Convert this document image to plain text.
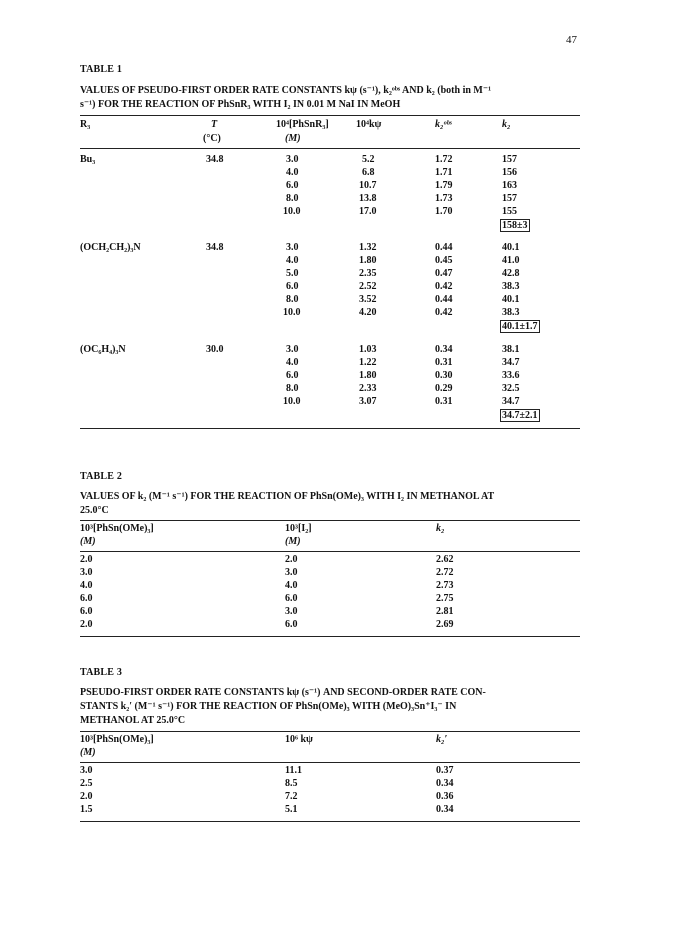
47
TABLE 1
VALUES OF PSEUDO-FIRST ORDER RATE CONSTANTS kψ (s⁻¹), k₂ᵒᵇˢ AND k₂ (both in M⁻¹
s⁻¹) FOR THE REACTION OF PhSnR₃ WITH I₂ IN 0.01 M NaI IN MeOH
R₃	T
(°C)
10⁴[PhSnR₃]
(M)
10⁴kψ	k₂ᵒᵇˢ	k₂
Bu₃	34.8	3.0	5.2	1.72	157
4.0	6.8	1.71	156
6.0	10.7	1.79	163
8.0	13.8	1.73	157
10.0	17.0	1.70	155
158±3
(OCH₂CH₂)₃N	34.8	3.0	1.32	0.44	40.1
4.0	1.80	0.45	41.0
5.0	2.35	0.47	42.8
6.0	2.52	0.42	38.3
8.0	3.52	0.44	40.1
10.0	4.20	0.42	38.3
40.1±1.7
(OC₆H₄)₃N	30.0	3.0	1.03	0.34	38.1
4.0	1.22	0.31	34.7
6.0	1.80	0.30	33.6
8.0	2.33	0.29	32.5
10.0	3.07	0.31	34.7
34.7±2.1
TABLE 2
VALUES OF k₂ (M⁻¹ s⁻¹) FOR THE REACTION OF PhSn(OMe)₃ WITH I₂ IN METHANOL AT
25.0°C
10³[PhSn(OMe)₃]
(M)
10³[I₂]
(M)
k₂
2.0	2.0	2.62
3.0	3.0	2.72
4.0	4.0	2.73
6.0	6.0	2.75
6.0	3.0	2.81
2.0	6.0	2.69
TABLE 3
PSEUDO-FIRST ORDER RATE CONSTANTS kψ (s⁻¹) AND SECOND-ORDER RATE CON-
STANTS k₂′ (M⁻¹ s⁻¹) FOR THE REACTION OF PhSn(OMe)₃ WITH (MeO)₃Sn⁺I₃⁻ IN
METHANOL AT 25.0°C
10³[PhSn(OMe)₃]
(M)
10⁶ kψ	k₂′
3.0	11.1	0.37
2.5	8.5	0.34
2.0	7.2	0.36
1.5	5.1	0.34
